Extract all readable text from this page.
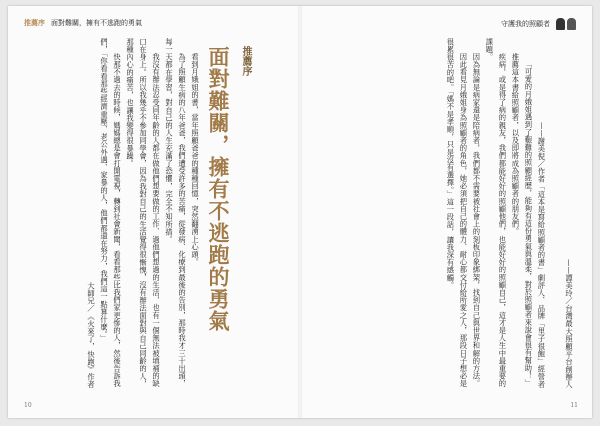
推薦序 面對難關，擁有不逃跑的勇氣
推薦序
面對難關，擁有不逃跑的勇氣

看到月娥姐的書，當年照顧爸爸的種種回憶，突然翻湧上心頭。

為了照顧生病的八年爸爸，我們遭受許多的苦痛，從發病、化療到最後的告別，那時我才三十出頭，每一天都在學習，對自己的人生充滿了恐懼，完全不知所措。

我沒有辦法忍受同年齡的人都在做他們想要做的工作、過他們想過的生活，也有一個無法被填補的缺口在身上。所以我幾乎不參加同學會，因為我對自己的生活覺得很慚愧，沒有辦法面對與自己同齡的人，那種內心的痛苦，也讓我變得很暴躁。

快那不過去的時候，媽媽總是會打開電視，轉到社會新聞，看看那些比我們家更慘的人，然後告訴我們，「你看看那些經濟重壓、老公外遇、家暴的人，他們都還在努力，我們這一點算什麼。」

大師兄／《火來了，快跑》作者

10
守護我的照顧者

——譚美玲／台灣最大照顧平台創辦人

——謝美倪／作者「這本是寫給照顧者的書」劇評人、品牌「里子很飽」經營者

「可愛的月娥姐遇到了艱難的照顧經歷，能夠有這份勇氣與溫柔，對於照顧者來說會很有幫助！」

推薦這本書給照顧者，以及即將成為照顧者的朋友們。

疾病，或是得了病的親友，我們都能好好的照顧他們，也能好好的照顧自己，這才是人生中最重要的課題。

因為無論是病家還是陪病者，我們都不需要被社會上的刻板印象綁架，找到自己與世界和解的方法。

因此看見月娥姐身為照顧者的角色，她必須把自己的體力、耐心都交付給所愛之人，那段日子想必是很累很苦的吧。「媽不是孝順，只是沒有選擇。」這一段話，讓我深有感觸。

11
